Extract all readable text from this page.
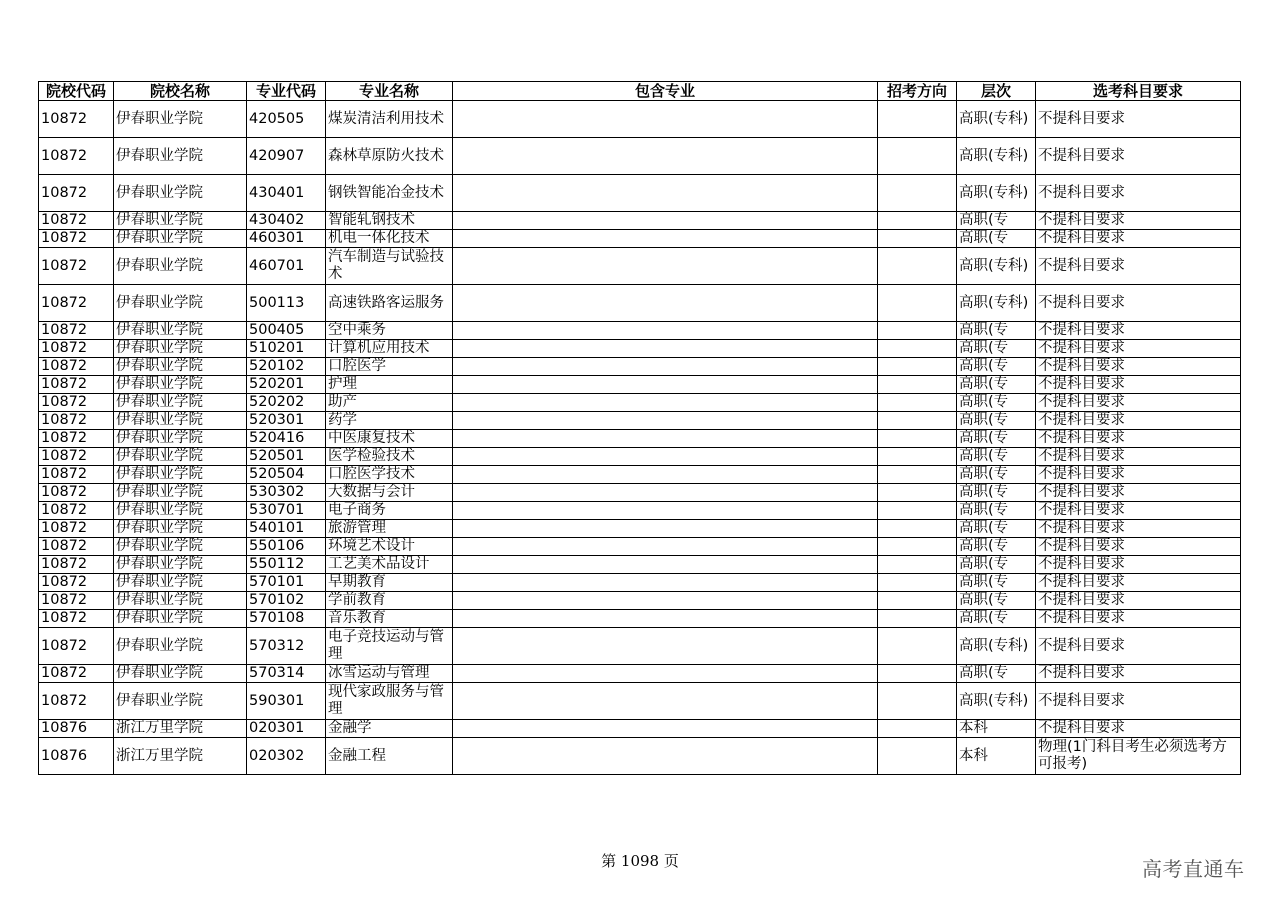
院校代码	院校名称	专业代码	专业名称	包含专业	招考方向	层次	选考科目要求

10872	伊春职业学院	420505	煤炭清洁利用技术			高职(专科)	不提科目要求

10872	伊春职业学院	420907	森林草原防火技术			高职(专科)	不提科目要求

10872	伊春职业学院	430401	钢铁智能冶金技术			高职(专科)	不提科目要求

10872	伊春职业学院	430402	智能轧钢技术			高职(专	不提科目要求

10872	伊春职业学院	460301	机电一体化技术			高职(专	不提科目要求

10872	伊春职业学院	460701	汽车制造与试验技术			高职(专科)	不提科目要求

10872	伊春职业学院	500113	高速铁路客运服务			高职(专科)	不提科目要求

10872	伊春职业学院	500405	空中乘务			高职(专	不提科目要求

10872	伊春职业学院	510201	计算机应用技术			高职(专	不提科目要求

10872	伊春职业学院	520102	口腔医学			高职(专	不提科目要求

10872	伊春职业学院	520201	护理			高职(专	不提科目要求

10872	伊春职业学院	520202	助产			高职(专	不提科目要求

10872	伊春职业学院	520301	药学			高职(专	不提科目要求

10872	伊春职业学院	520416	中医康复技术			高职(专	不提科目要求

10872	伊春职业学院	520501	医学检验技术			高职(专	不提科目要求

10872	伊春职业学院	520504	口腔医学技术			高职(专	不提科目要求

10872	伊春职业学院	530302	大数据与会计			高职(专	不提科目要求

10872	伊春职业学院	530701	电子商务			高职(专	不提科目要求

10872	伊春职业学院	540101	旅游管理			高职(专	不提科目要求

10872	伊春职业学院	550106	环境艺术设计			高职(专	不提科目要求

10872	伊春职业学院	550112	工艺美术品设计			高职(专	不提科目要求

10872	伊春职业学院	570101	早期教育			高职(专	不提科目要求

10872	伊春职业学院	570102	学前教育			高职(专	不提科目要求

10872	伊春职业学院	570108	音乐教育			高职(专	不提科目要求

10872	伊春职业学院	570312	电子竞技运动与管理			高职(专科)	不提科目要求

10872	伊春职业学院	570314	冰雪运动与管理			高职(专	不提科目要求

10872	伊春职业学院	590301	现代家政服务与管理			高职(专科)	不提科目要求

10876	浙江万里学院	020301	金融学			本科	不提科目要求

10876	浙江万里学院	020302	金融工程			本科	物理(1门科目考生必须选考方可报考)
第 1098 页	高考直通车
